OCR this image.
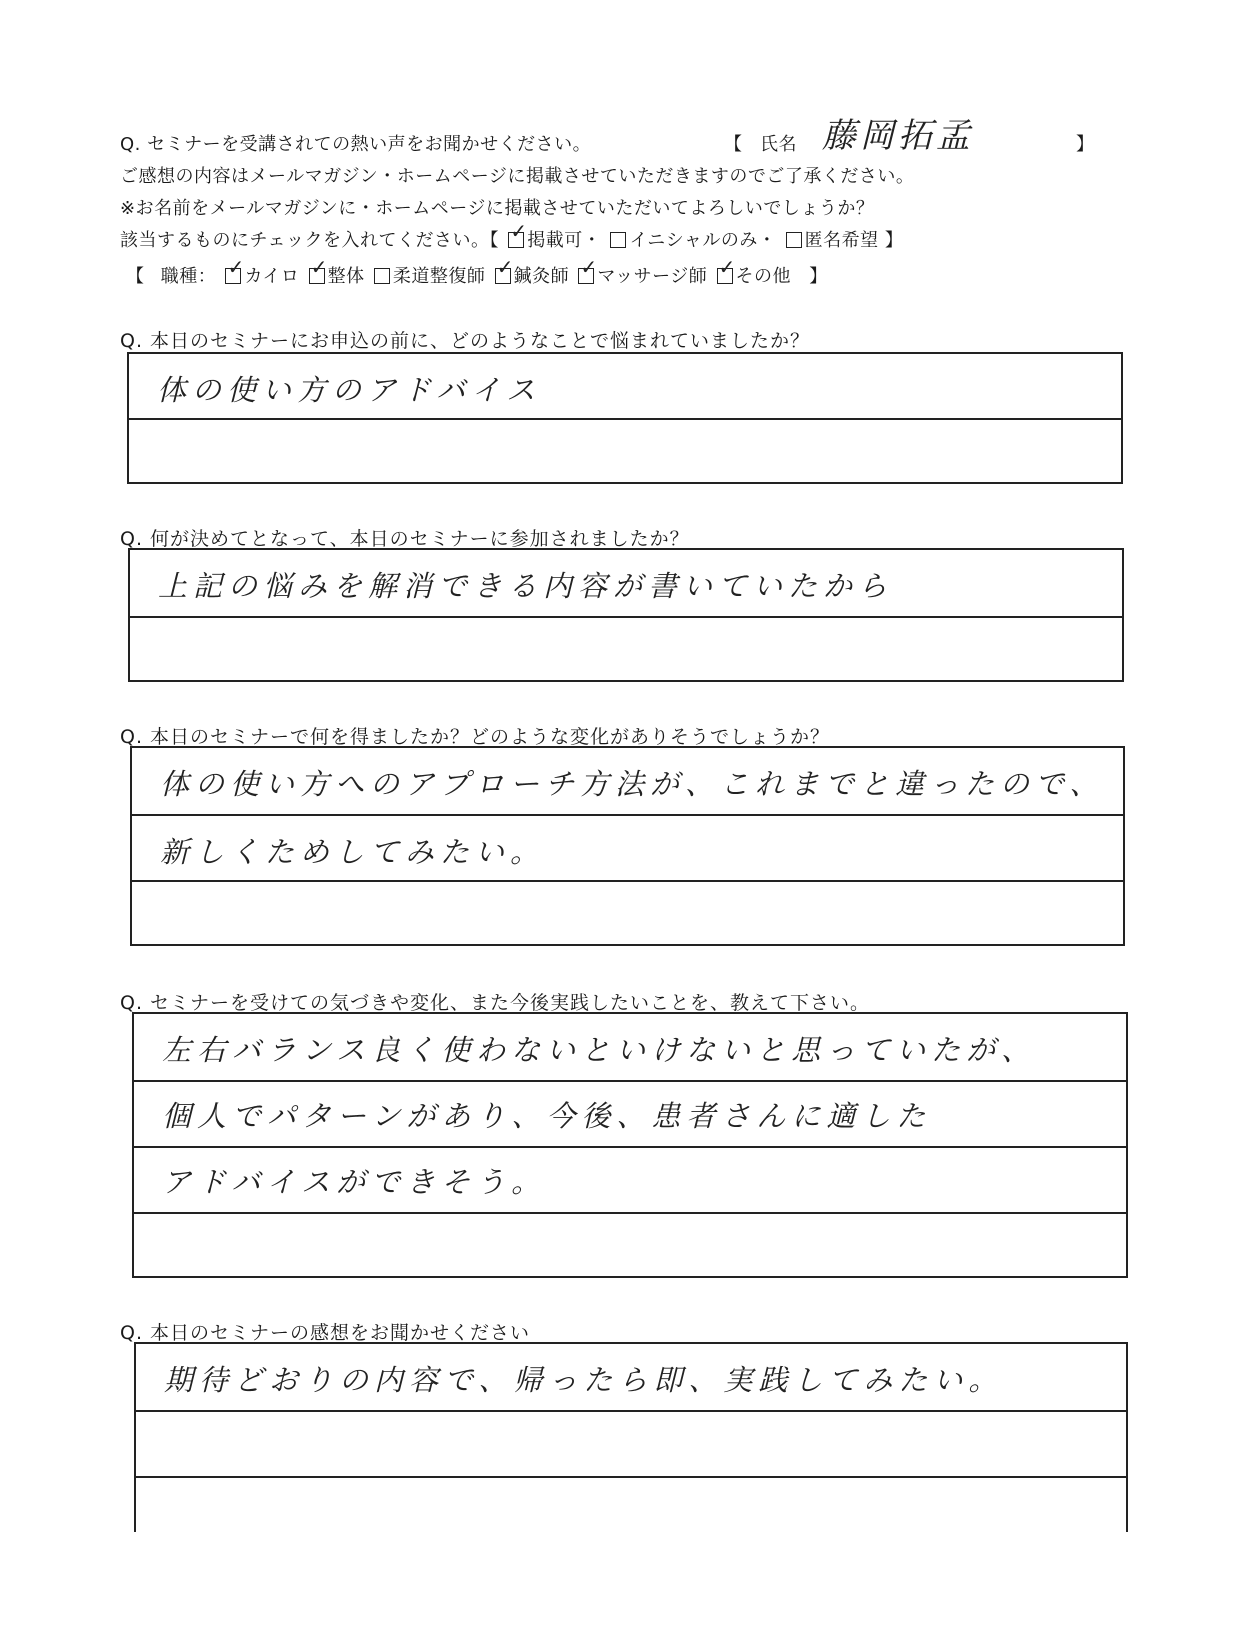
Q. セミナーを受講されての熱い声をお聞かせください。	【 氏名 藤岡拓孟	】
ご感想の内容はメールマガジン・ホームページに掲載させていただきますのでご了承ください。
※お名前をメールマガジンに・ホームページに掲載させていただいてよろしいでしょうか？
該当するものにチェックを入れてください。【 ✓ 掲載可・ イニシャルのみ・ 匿名希望 】
【 職種： ✓ カイロ ✓ 整体 柔道整復師 ✓ 鍼灸師 ✓ マッサージ師 ✓ その他 】
Q. 本日のセミナーにお申込の前に、どのようなことで悩まれていましたか？
体の使い方のアドバイス
Q. 何が決めてとなって、本日のセミナーに参加されましたか？
上記の悩みを解消できる内容が書いていたから
Q. 本日のセミナーで何を得ましたか？どのような変化がありそうでしょうか？
体の使い方へのアプローチ方法が、これまでと違ったので、
新しくためしてみたい。
Q. セミナーを受けての気づきや変化、また今後実践したいことを、教えて下さい。
左右バランス良く使わないといけないと思っていたが、
個人でパターンがあり、今後、患者さんに適した
アドバイスができそう。
Q. 本日のセミナーの感想をお聞かせください
期待どおりの内容で、帰ったら即、実践してみたい。
